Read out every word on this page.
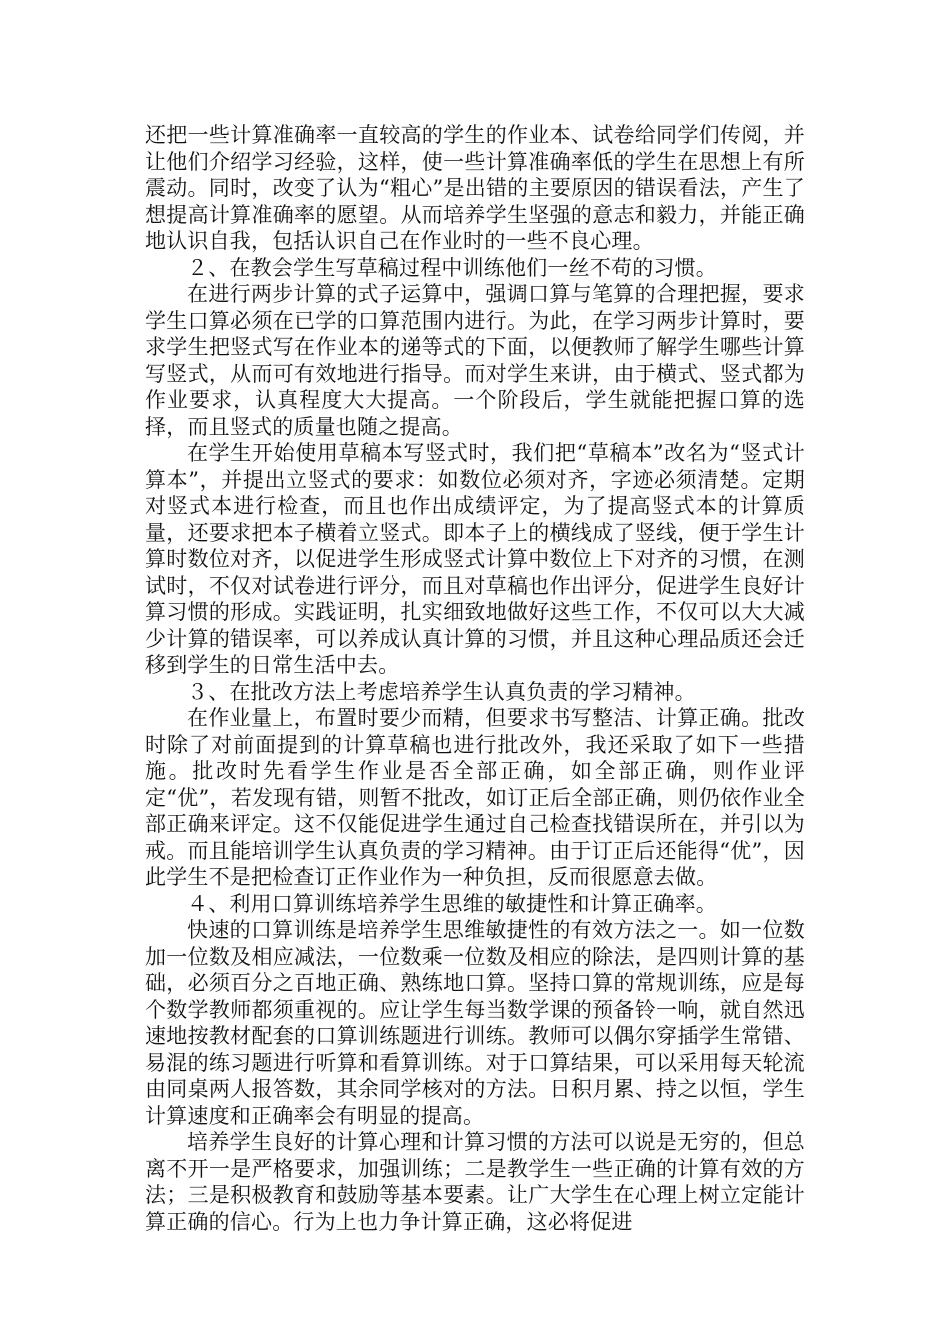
还把一些计算准确率一直较高的学生的作业本、试卷给同学们传阅，并让他们介绍学习经验，这样，使一些计算准确率低的学生在思想上有所震动。同时，改变了认为“粗心”是出错的主要原因的错误看法，产生了想提高计算准确率的愿望。从而培养学生坚强的意志和毅力，并能正确地认识自我，包括认识自己在作业时的一些不良心理。

２、在教会学生写草稿过程中训练他们一丝不苟的习惯。

在进行两步计算的式子运算中，强调口算与笔算的合理把握，要求学生口算必须在已学的口算范围内进行。为此，在学习两步计算时，要求学生把竖式写在作业本的递等式的下面，以便教师了解学生哪些计算写竖式，从而可有效地进行指导。而对学生来讲，由于横式、竖式都为作业要求，认真程度大大提高。一个阶段后，学生就能把握口算的选择，而且竖式的质量也随之提高。

在学生开始使用草稿本写竖式时，我们把“草稿本”改名为“竖式计算本”，并提出立竖式的要求：如数位必须对齐，字迹必须清楚。定期对竖式本进行检查，而且也作出成绩评定，为了提高竖式本的计算质量，还要求把本子横着立竖式。即本子上的横线成了竖线，便于学生计算时数位对齐，以促进学生形成竖式计算中数位上下对齐的习惯，在测试时，不仅对试卷进行评分，而且对草稿也作出评分，促进学生良好计算习惯的形成。实践证明，扎实细致地做好这些工作，不仅可以大大减少计算的错误率，可以养成认真计算的习惯，并且这种心理品质还会迁移到学生的日常生活中去。

３、在批改方法上考虑培养学生认真负责的学习精神。

在作业量上，布置时要少而精，但要求书写整洁、计算正确。批改时除了对前面提到的计算草稿也进行批改外，我还采取了如下一些措施。批改时先看学生作业是否全部正确，如全部正确，则作业评定“优”，若发现有错，则暂不批改，如订正后全部正确，则仍依作业全部正确来评定。这不仅能促进学生通过自己检查找错误所在，并引以为戒。而且能培训学生认真负责的学习精神。由于订正后还能得“优”，因此学生不是把检查订正作业作为一种负担，反而很愿意去做。

４、利用口算训练培养学生思维的敏捷性和计算正确率。

快速的口算训练是培养学生思维敏捷性的有效方法之一。如一位数加一位数及相应减法，一位数乘一位数及相应的除法，是四则计算的基础，必须百分之百地正确、熟练地口算。坚持口算的常规训练，应是每个数学教师都须重视的。应让学生每当数学课的预备铃一响，就自然迅速地按教材配套的口算训练题进行训练。教师可以偶尔穿插学生常错、易混的练习题进行听算和看算训练。对于口算结果，可以采用每天轮流由同桌两人报答数，其余同学核对的方法。日积月累、持之以恒，学生计算速度和正确率会有明显的提高。

培养学生良好的计算心理和计算习惯的方法可以说是无穷的，但总离不开一是严格要求，加强训练；二是教学生一些正确的计算有效的方法；三是积极教育和鼓励等基本要素。让广大学生在心理上树立定能计算正确的信心。行为上也力争计算正确，这必将促进
